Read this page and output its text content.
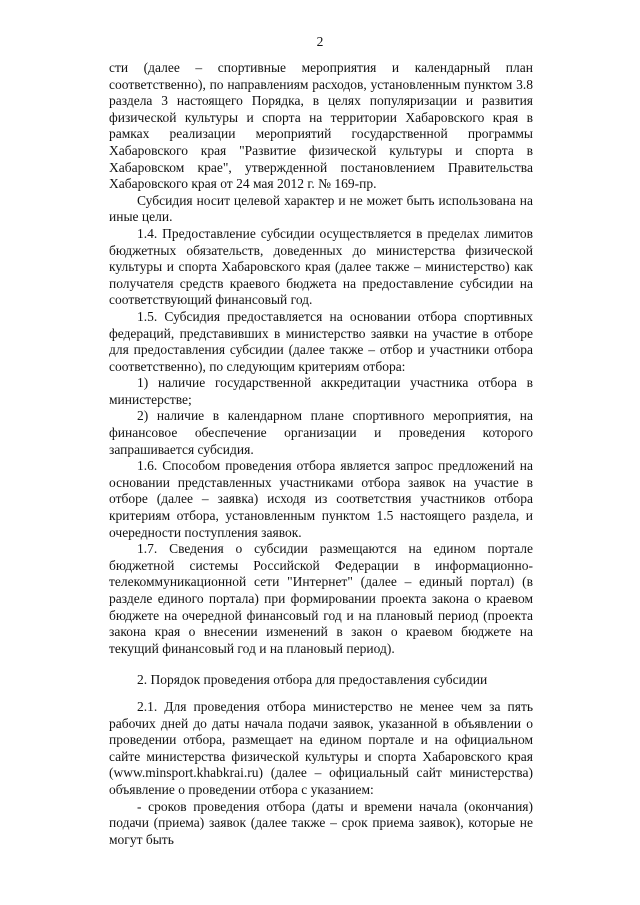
2

сти (далее – спортивные мероприятия и календарный план соответственно), по направлениям расходов, установленным пунктом 3.8 раздела 3 настоящего Порядка, в целях популяризации и развития физической культуры и спорта на территории Хабаровского края в рамках реализации мероприятий государственной программы Хабаровского края "Развитие физической культуры и спорта в Хабаровском крае", утвержденной постановлением Правительства Хабаровского края от 24 мая 2012 г. № 169-пр.

Субсидия носит целевой характер и не может быть использована на иные цели.

1.4. Предоставление субсидии осуществляется в пределах лимитов бюджетных обязательств, доведенных до министерства физической культуры и спорта Хабаровского края (далее также – министерство) как получателя средств краевого бюджета на предоставление субсидии на соответствующий финансовый год.

1.5. Субсидия предоставляется на основании отбора спортивных федераций, представивших в министерство заявки на участие в отборе для предоставления субсидии (далее также – отбор и участники отбора соответственно), по следующим критериям отбора:

1) наличие государственной аккредитации участника отбора в министерстве;

2) наличие в календарном плане спортивного мероприятия, на финансовое обеспечение организации и проведения которого запрашивается субсидия.

1.6. Способом проведения отбора является запрос предложений на основании представленных участниками отбора заявок на участие в отборе (далее – заявка) исходя из соответствия участников отбора критериям отбора, установленным пунктом 1.5 настоящего раздела, и очередности поступления заявок.

1.7. Сведения о субсидии размещаются на едином портале бюджетной системы Российской Федерации в информационно-телекоммуникационной сети "Интернет" (далее – единый портал) (в разделе единого портала) при формировании проекта закона о краевом бюджете на очередной финансовый год и на плановый период (проекта закона края о внесении изменений в закон о краевом бюджете на текущий финансовый год и на плановый период).

2. Порядок проведения отбора для предоставления субсидии

2.1. Для проведения отбора министерство не менее чем за пять рабочих дней до даты начала подачи заявок, указанной в объявлении о проведении отбора, размещает на едином портале и на официальном сайте министерства физической культуры и спорта Хабаровского края (www.minsport.khabkrai.ru) (далее – официальный сайт министерства) объявление о проведении отбора с указанием:

- сроков проведения отбора (даты и времени начала (окончания) подачи (приема) заявок (далее также – срок приема заявок), которые не могут быть
